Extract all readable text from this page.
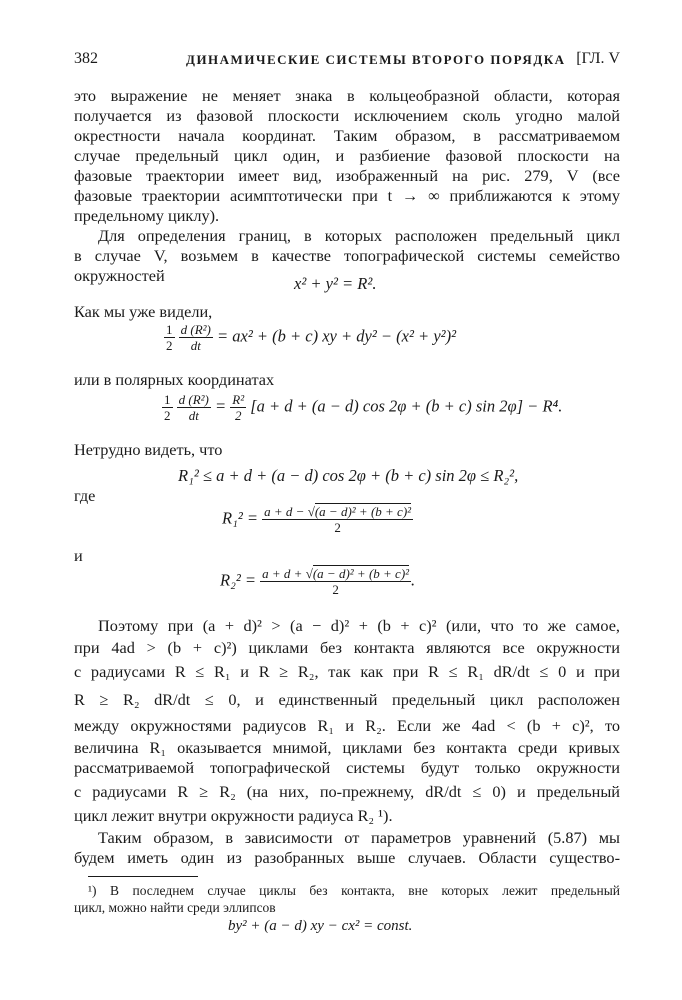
382	ДИНАМИЧЕСКИЕ СИСТЕМЫ ВТОРОГО ПОРЯДКА [ГЛ. V
это выражение не меняет знака в кольцеобразной области, которая
получается из фазовой плоскости исключением сколь угодно малой
окрестности начала координат. Таким образом, в рассматриваемом
случае предельный цикл один, и разбиение фазовой плоскости на
фазовые траектории имеет вид, изображенный на рис. 279, V (все
фазовые траектории асимптотически при t → ∞ приближаются к этому
предельному циклу).
Для определения границ, в которых расположен предельный цикл
в случае V, возьмем в качестве топографической системы семейство
окружностей	x² + y² = R².
Как мы уже видели,
$\frac{1}{2}$
$\frac{\text{d (R²)}}{dt} = ax^2 + (b + c)$ xy + dy² − (x² + y²)²
или в полярных координатах
$\frac{1}{2}$
$\frac{\text{d (R²)}}{dt} = \frac{\text{R²}}{2} [a + d + (a - d)$ cos 2φ + (b + c) sin 2φ] − R⁴.
Нетрудно видеть, что
R₁² ≤ a + d + (a − d) cos 2φ + (b + c) sin 2φ ≤ R₂²,
где
$R_1^2 = \frac{\text{a + d − √(a − d)² + (b + c)²}}{2}$
и
$R_2^2 = \frac{\text{a + d + √(a − d)² + (b + c)²}}{2}$ .
Поэтому при (a + d)² > (a − d)² + (b + c)² (или, что то же самое,
при 4ad > (b + c)²) циклами без контакта являются все окружности
с радиусами R ≤ R₁ и R ≥ R₂, так как при R ≤ R₁ dR/dt ≤ 0 и при
R ≥ R₂ dR/dt ≤ 0, и единственный предельный цикл расположен
между окружностями радиусов R₁ и R₂. Если же 4ad < (b + c)², то
величина R₁ оказывается мнимой, циклами без контакта среди кривых
рассматриваемой топографической системы будут только окружности
с радиусами R ≥ R₂ (на них, по-прежнему, dR/dt ≤ 0) и предельный
цикл лежит внутри окружности радиуса R₂ ¹).
Таким образом, в зависимости от параметров уравнений (5.87) мы
будем иметь один из разобранных выше случаев. Области существо-
¹) В последнем случае циклы без контакта, вне которых лежит предельный
цикл, можно найти среди эллипсов
by² + (a − d) xy − cx² = const.
